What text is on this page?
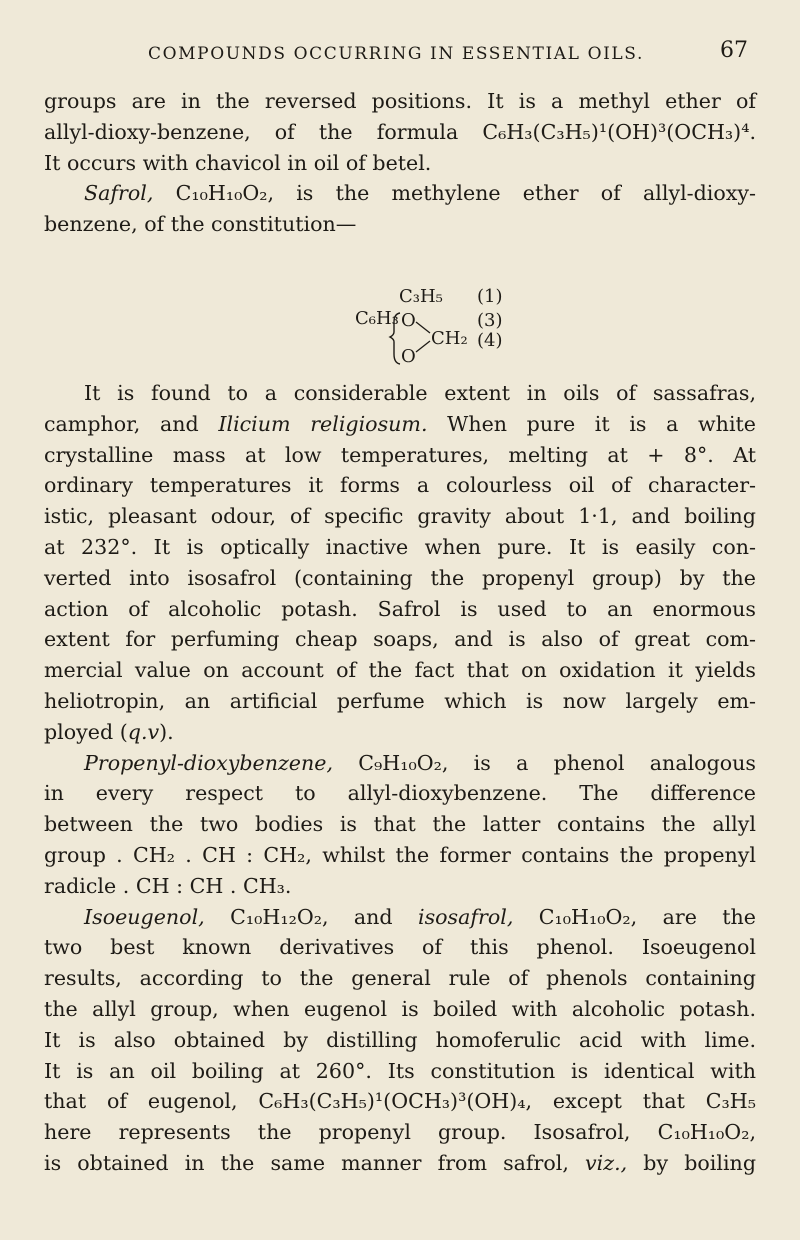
COMPOUNDS OCCURRING IN ESSENTIAL OILS.	67

groups are in the reversed positions. It is a methyl ether of
allyl-dioxy-benzene, of the formula C₆H₃(C₃H₅)¹(OH)³(OCH₃)⁴.
It occurs with chavicol in oil of betel.

Safrol, C₁₀H₁₀O₂, is the methylene ether of allyl-dioxy-
benzene, of the constitution—

C₃H₅
C₆H₃ O
O
CH₂
(1)
(3)
(4)

It is found to a considerable extent in oils of sassafras,
camphor, and Ilicium religiosum. When pure it is a white
crystalline mass at low temperatures, melting at + 8°. At
ordinary temperatures it forms a colourless oil of character-
istic, pleasant odour, of specific gravity about 1·1, and boiling
at 232°. It is optically inactive when pure. It is easily con-
verted into isosafrol (containing the propenyl group) by the
action of alcoholic potash. Safrol is used to an enormous
extent for perfuming cheap soaps, and is also of great com-
mercial value on account of the fact that on oxidation it yields
heliotropin, an artificial perfume which is now largely em-
ployed (q.v).

Propenyl-dioxybenzene, C₉H₁₀O₂, is a phenol analogous
in every respect to allyl-dioxybenzene. The difference
between the two bodies is that the latter contains the allyl
group . CH₂ . CH : CH₂, whilst the former contains the propenyl
radicle . CH : CH . CH₃.

Isoeugenol, C₁₀H₁₂O₂, and isosafrol, C₁₀H₁₀O₂, are the
two best known derivatives of this phenol. Isoeugenol
results, according to the general rule of phenols containing
the allyl group, when eugenol is boiled with alcoholic potash.
It is also obtained by distilling homoferulic acid with lime.
It is an oil boiling at 260°. Its constitution is identical with
that of eugenol, C₆H₃(C₃H₅)¹(OCH₃)³(OH)₄, except that C₃H₅
here represents the propenyl group. Isosafrol, C₁₀H₁₀O₂,
is obtained in the same manner from safrol, viz., by boiling
